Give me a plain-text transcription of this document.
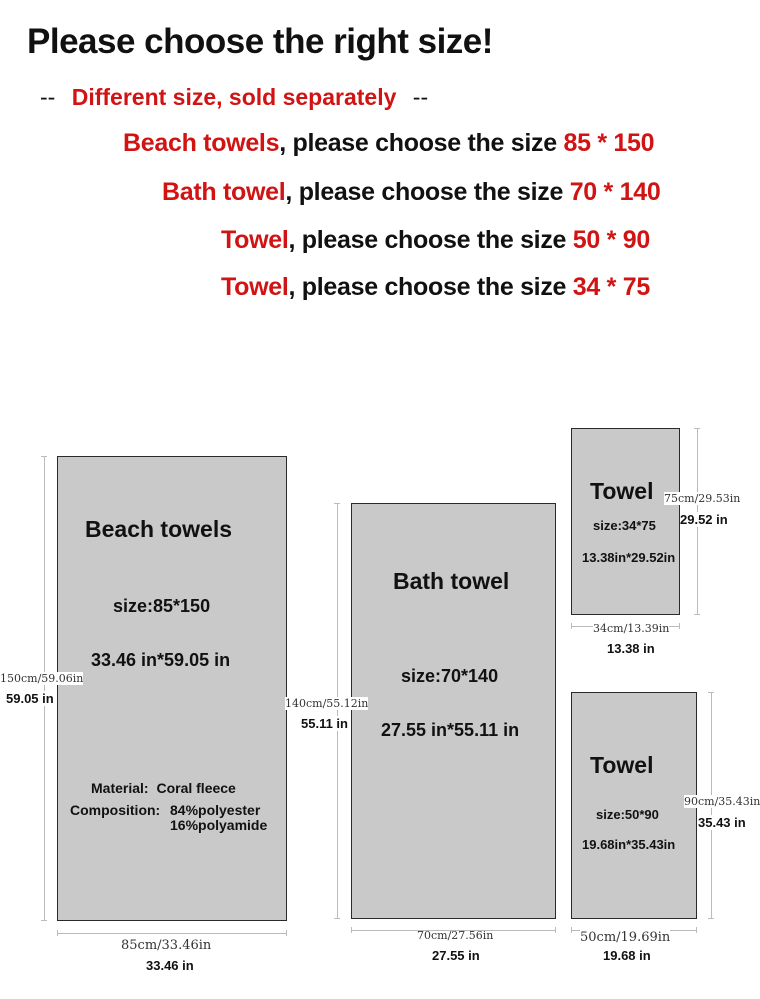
Please choose the right size!
-- Different size, sold separately --
Beach towels, please choose the size 85 * 150
Bath towel, please choose the size 70 * 140
Towel, please choose the size 50 * 90
Towel, please choose the size 34 * 75
Beach towels
size:85*150
33.46 in*59.05 in
Material: Coral fleece
Composition: 84%polyester
16%polyamide
150cm/59.06in
59.05 in
85cm/33.46in
33.46 in
Bath towel
size:70*140
27.55 in*55.11 in
140cm/55.12in
55.11 in
70cm/27.56in
27.55 in
Towel
size:34*75
13.38in*29.52in
75cm/29.53in
29.52 in
34cm/13.39in
13.38 in
Towel
size:50*90
19.68in*35.43in
90cm/35.43in
35.43 in
50cm/19.69in
19.68 in
